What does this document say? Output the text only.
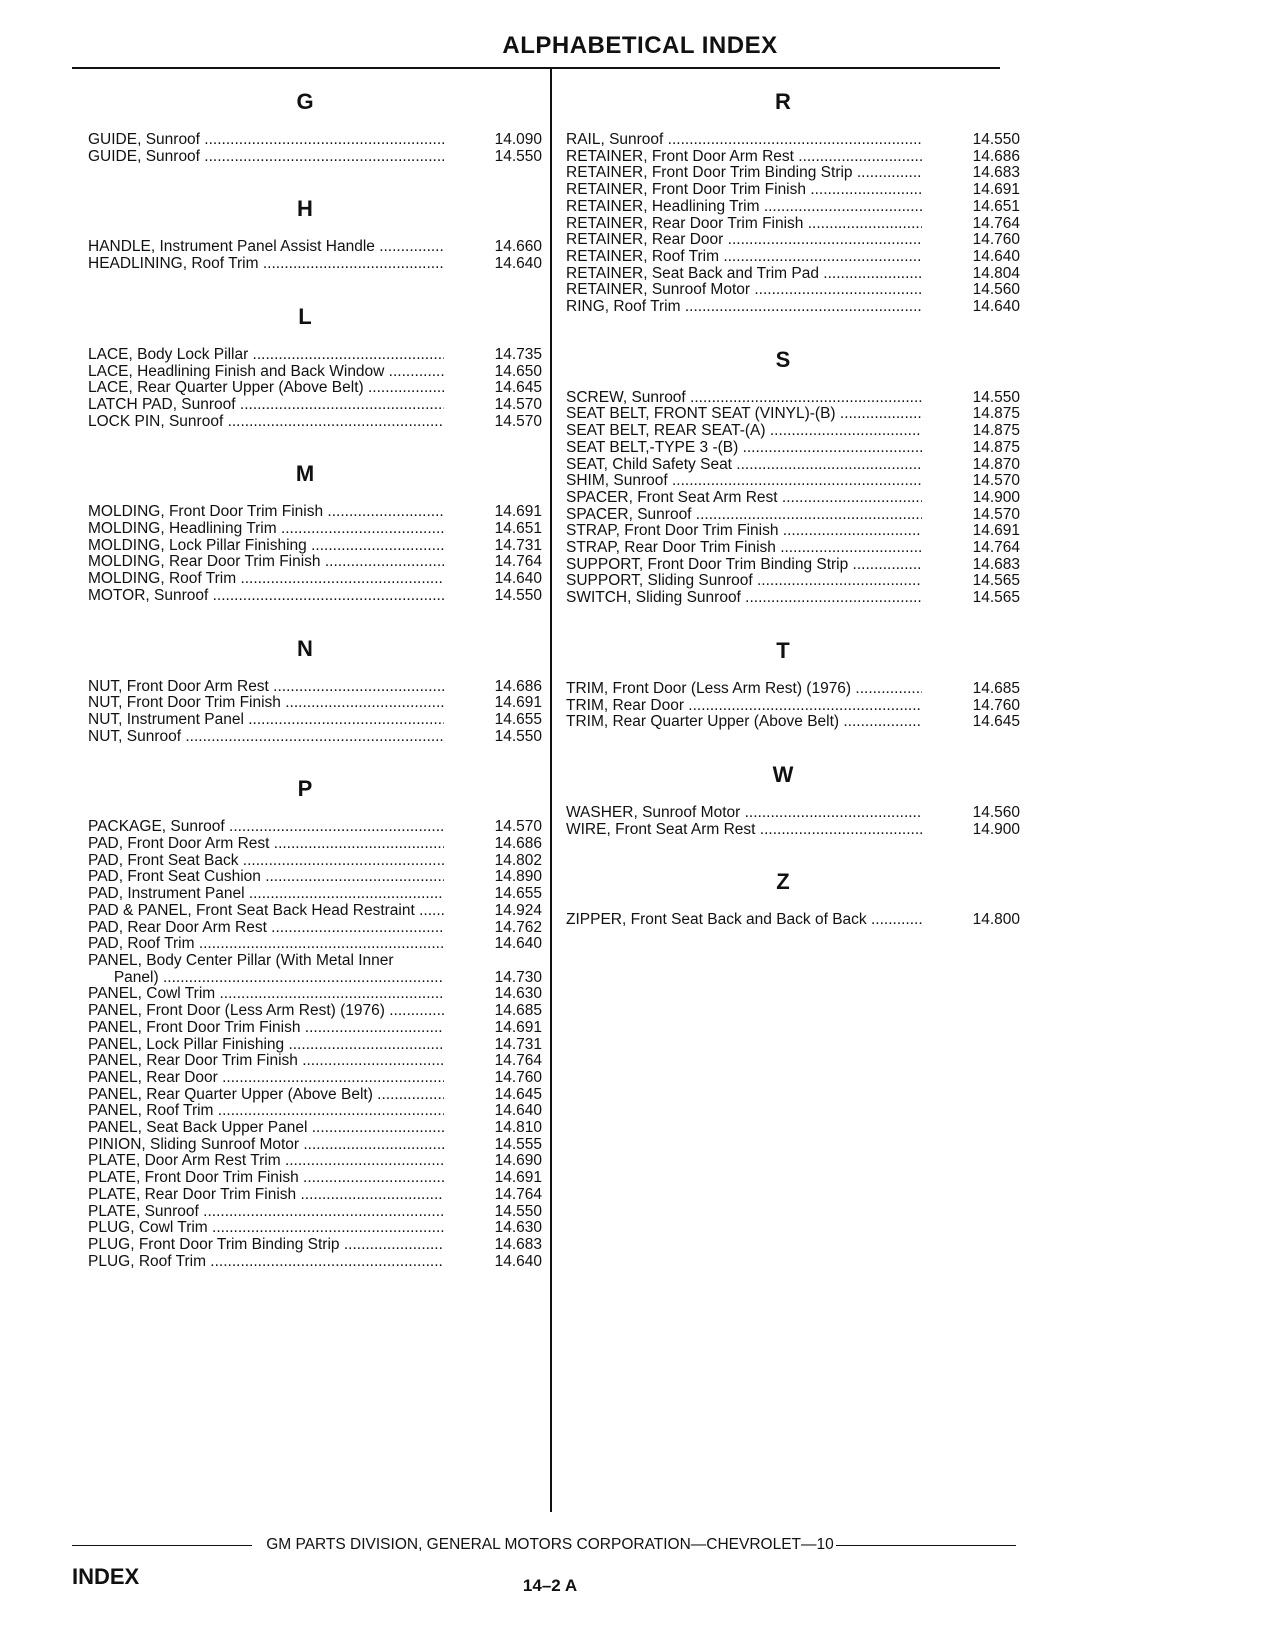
ALPHABETICAL INDEX
G
GUIDE, Sunroof .....	14.090
GUIDE, Sunroof .....	14.550
H
HANDLE, Instrument Panel Assist Handle .....	14.660
HEADLINING, Roof Trim .....	14.640
L
LACE, Body Lock Pillar .....	14.735
LACE, Headlining Finish and Back Window .....	14.650
LACE, Rear Quarter Upper (Above Belt) .....	14.645
LATCH PAD, Sunroof .....	14.570
LOCK PIN, Sunroof .....	14.570
M
MOLDING, Front Door Trim Finish .....	14.691
MOLDING, Headlining Trim .....	14.651
MOLDING, Lock Pillar Finishing .....	14.731
MOLDING, Rear Door Trim Finish .....	14.764
MOLDING, Roof Trim .....	14.640
MOTOR, Sunroof .....	14.550
N
NUT, Front Door Arm Rest .....	14.686
NUT, Front Door Trim Finish .....	14.691
NUT, Instrument Panel .....	14.655
NUT, Sunroof .....	14.550
P
PACKAGE, Sunroof .....	14.570
PAD, Front Door Arm Rest .....	14.686
PAD, Front Seat Back .....	14.802
PAD, Front Seat Cushion .....	14.890
PAD, Instrument Panel .....	14.655
PAD & PANEL, Front Seat Back Head Restraint .....	14.924
PAD, Rear Door Arm Rest .....	14.762
PAD, Roof Trim .....	14.640
PANEL, Body Center Pillar (With Metal Inner
Panel) .....	14.730
PANEL, Cowl Trim .....	14.630
PANEL, Front Door (Less Arm Rest) (1976) .....	14.685
PANEL, Front Door Trim Finish .....	14.691
PANEL, Lock Pillar Finishing .....	14.731
PANEL, Rear Door Trim Finish .....	14.764
PANEL, Rear Door .....	14.760
PANEL, Rear Quarter Upper (Above Belt) .....	14.645
PANEL, Roof Trim .....	14.640
PANEL, Seat Back Upper Panel .....	14.810
PINION, Sliding Sunroof Motor .....	14.555
PLATE, Door Arm Rest Trim .....	14.690
PLATE, Front Door Trim Finish .....	14.691
PLATE, Rear Door Trim Finish .....	14.764
PLATE, Sunroof .....	14.550
PLUG, Cowl Trim .....	14.630
PLUG, Front Door Trim Binding Strip .....	14.683
PLUG, Roof Trim .....	14.640
R
RAIL, Sunroof .....	14.550
RETAINER, Front Door Arm Rest .....	14.686
RETAINER, Front Door Trim Binding Strip .....	14.683
RETAINER, Front Door Trim Finish .....	14.691
RETAINER, Headlining Trim .....	14.651
RETAINER, Rear Door Trim Finish .....	14.764
RETAINER, Rear Door .....	14.760
RETAINER, Roof Trim .....	14.640
RETAINER, Seat Back and Trim Pad .....	14.804
RETAINER, Sunroof Motor .....	14.560
RING, Roof Trim .....	14.640
S
SCREW, Sunroof .....	14.550
SEAT BELT, FRONT SEAT (VINYL)-(B) .....	14.875
SEAT BELT, REAR SEAT-(A) .....	14.875
SEAT BELT,-TYPE 3 -(B) .....	14.875
SEAT, Child Safety Seat .....	14.870
SHIM, Sunroof .....	14.570
SPACER, Front Seat Arm Rest .....	14.900
SPACER, Sunroof .....	14.570
STRAP, Front Door Trim Finish .....	14.691
STRAP, Rear Door Trim Finish .....	14.764
SUPPORT, Front Door Trim Binding Strip .....	14.683
SUPPORT, Sliding Sunroof .....	14.565
SWITCH, Sliding Sunroof .....	14.565
T
TRIM, Front Door (Less Arm Rest) (1976) .....	14.685
TRIM, Rear Door .....	14.760
TRIM, Rear Quarter Upper (Above Belt) .....	14.645
W
WASHER, Sunroof Motor .....	14.560
WIRE, Front Seat Arm Rest .....	14.900
Z
ZIPPER, Front Seat Back and Back of Back .....	14.800
GM PARTS DIVISION, GENERAL MOTORS CORPORATION—CHEVROLET—10
INDEX	14–2 A
